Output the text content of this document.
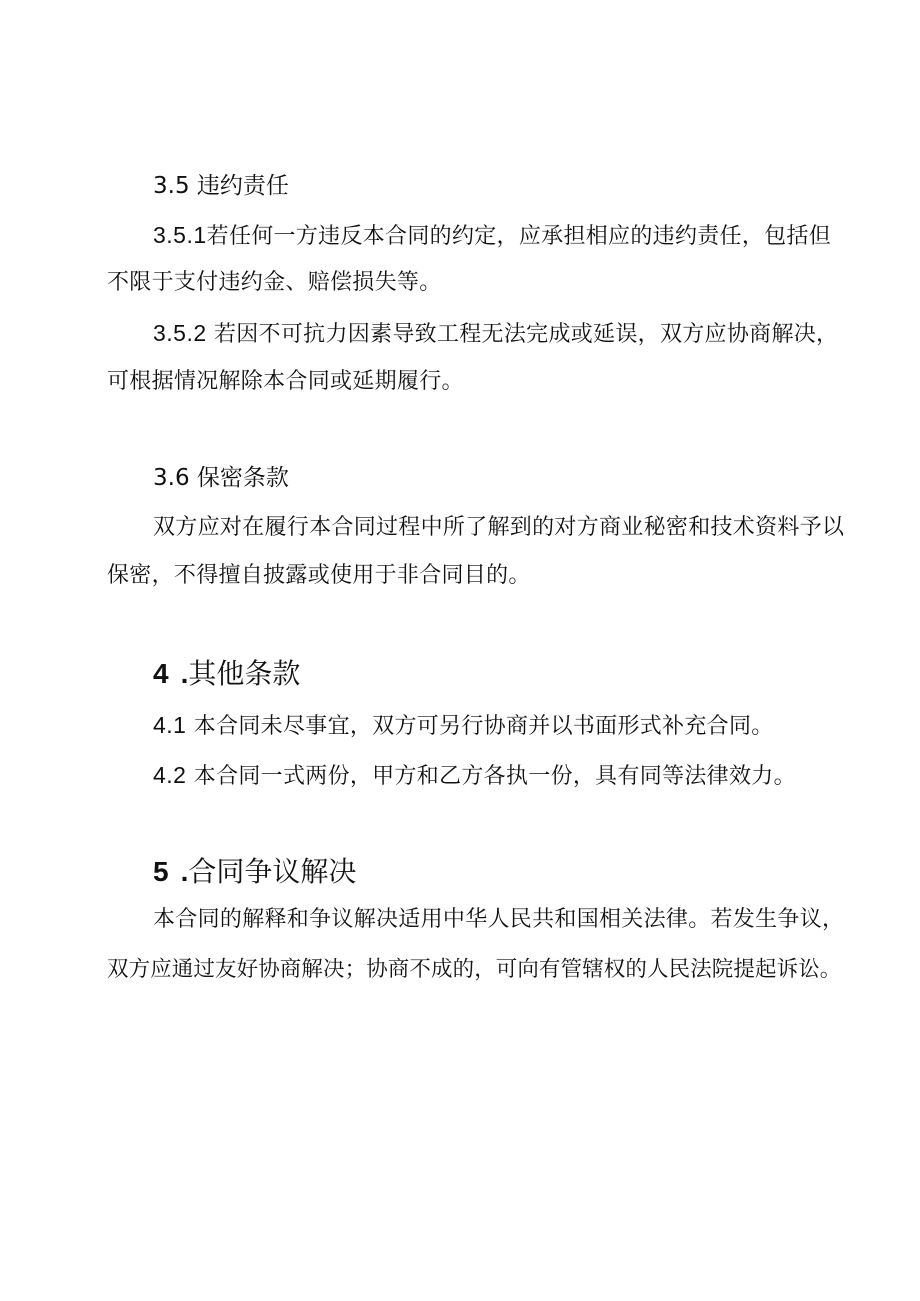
3.5 违约责任
3.5.1若任何一方违反本合同的约定，应承担相应的违约责任，包括但
不限于支付违约金、赔偿损失等。
3.5.2 若因不可抗力因素导致工程无法完成或延误，双方应协商解决，
可根据情况解除本合同或延期履行。
3.6 保密条款
双方应对在履行本合同过程中所了解到的对方商业秘密和技术资料予以
保密，不得擅自披露或使用于非合同目的。
4 .其他条款
4.1 本合同未尽事宜，双方可另行协商并以书面形式补充合同。
4.2 本合同一式两份，甲方和乙方各执一份，具有同等法律效力。
5 .合同争议解决
本合同的解释和争议解决适用中华人民共和国相关法律。若发生争议，
双方应通过友好协商解决；协商不成的，可向有管辖权的人民法院提起诉讼。
